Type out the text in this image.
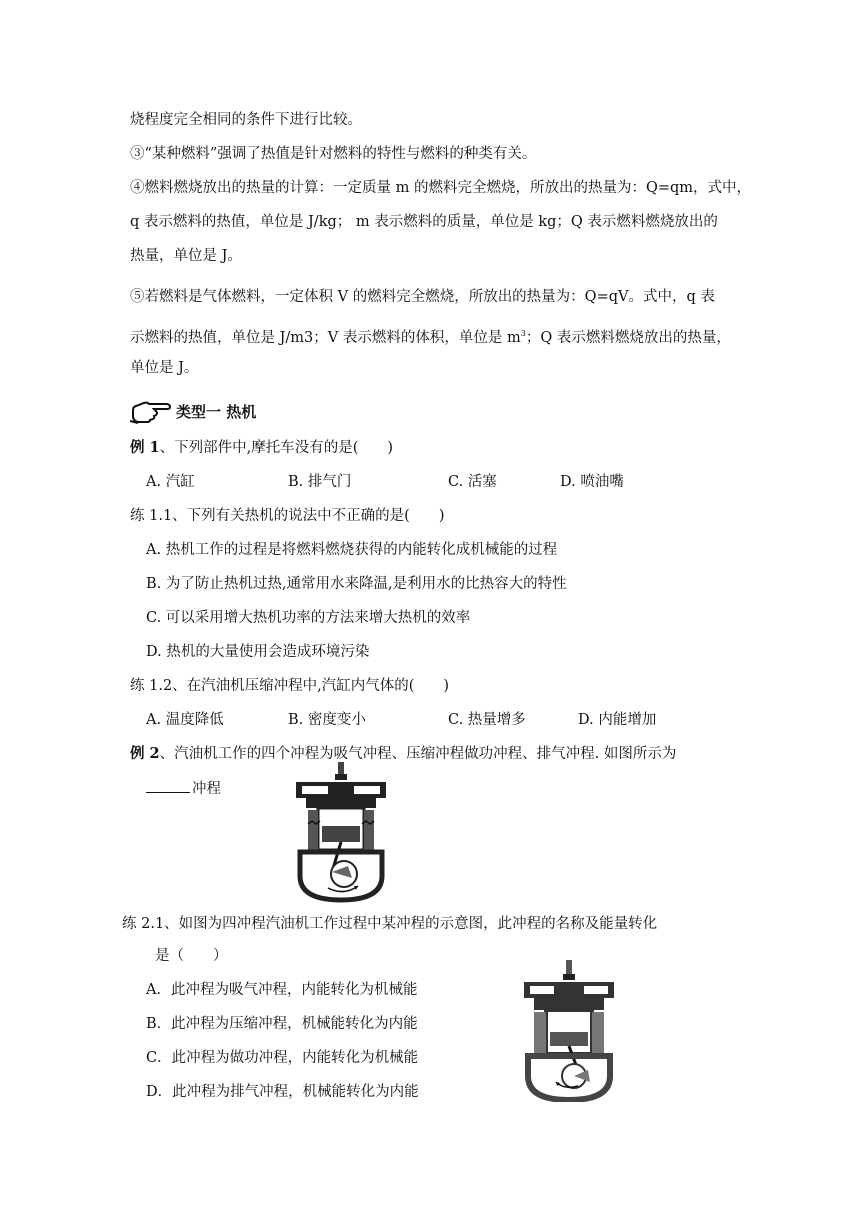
烧程度完全相同的条件下进行比较。
③“某种燃料”强调了热值是针对燃料的特性与燃料的种类有关。
④燃料燃烧放出的热量的计算：一定质量 m 的燃料完全燃烧，所放出的热量为：Q=qm，式中，
q 表示燃料的热值，单位是 J/kg； m 表示燃料的质量，单位是 kg；Q 表示燃料燃烧放出的
热量，单位是 J。
⑤若燃料是气体燃料，一定体积 V 的燃料完全燃烧，所放出的热量为：Q=qV。式中，q 表
示燃料的热值，单位是 J/m3；V 表示燃料的体积，单位是 $m^3$；Q 表示燃料燃烧放出的热量，
单位是 J。
类型一 热机
例 1、下列部件中,摩托车没有的是(　　)
A. 汽缸	B. 排气门	C. 活塞	D. 喷油嘴
练 1.1、下列有关热机的说法中不正确的是(　　)
A. 热机工作的过程是将燃料燃烧获得的内能转化成机械能的过程
B. 为了防止热机过热,通常用水来降温,是利用水的比热容大的特性
C. 可以采用增大热机功率的方法来增大热机的效率
D. 热机的大量使用会造成环境污染
练 1.2、在汽油机压缩冲程中,汽缸内气体的(　　)
A. 温度降低	B. 密度变小	C. 热量增多	D. 内能增加
例 2、汽油机工作的四个冲程为吸气冲程、压缩冲程做功冲程、排气冲程. 如图所示为
冲程
练 2.1、如图为四冲程汽油机工作过程中某冲程的示意图，此冲程的名称及能量转化
是（　　）
A．此冲程为吸气冲程，内能转化为机械能
B．此冲程为压缩冲程，机械能转化为内能
C．此冲程为做功冲程，内能转化为机械能
D．此冲程为排气冲程，机械能转化为内能
